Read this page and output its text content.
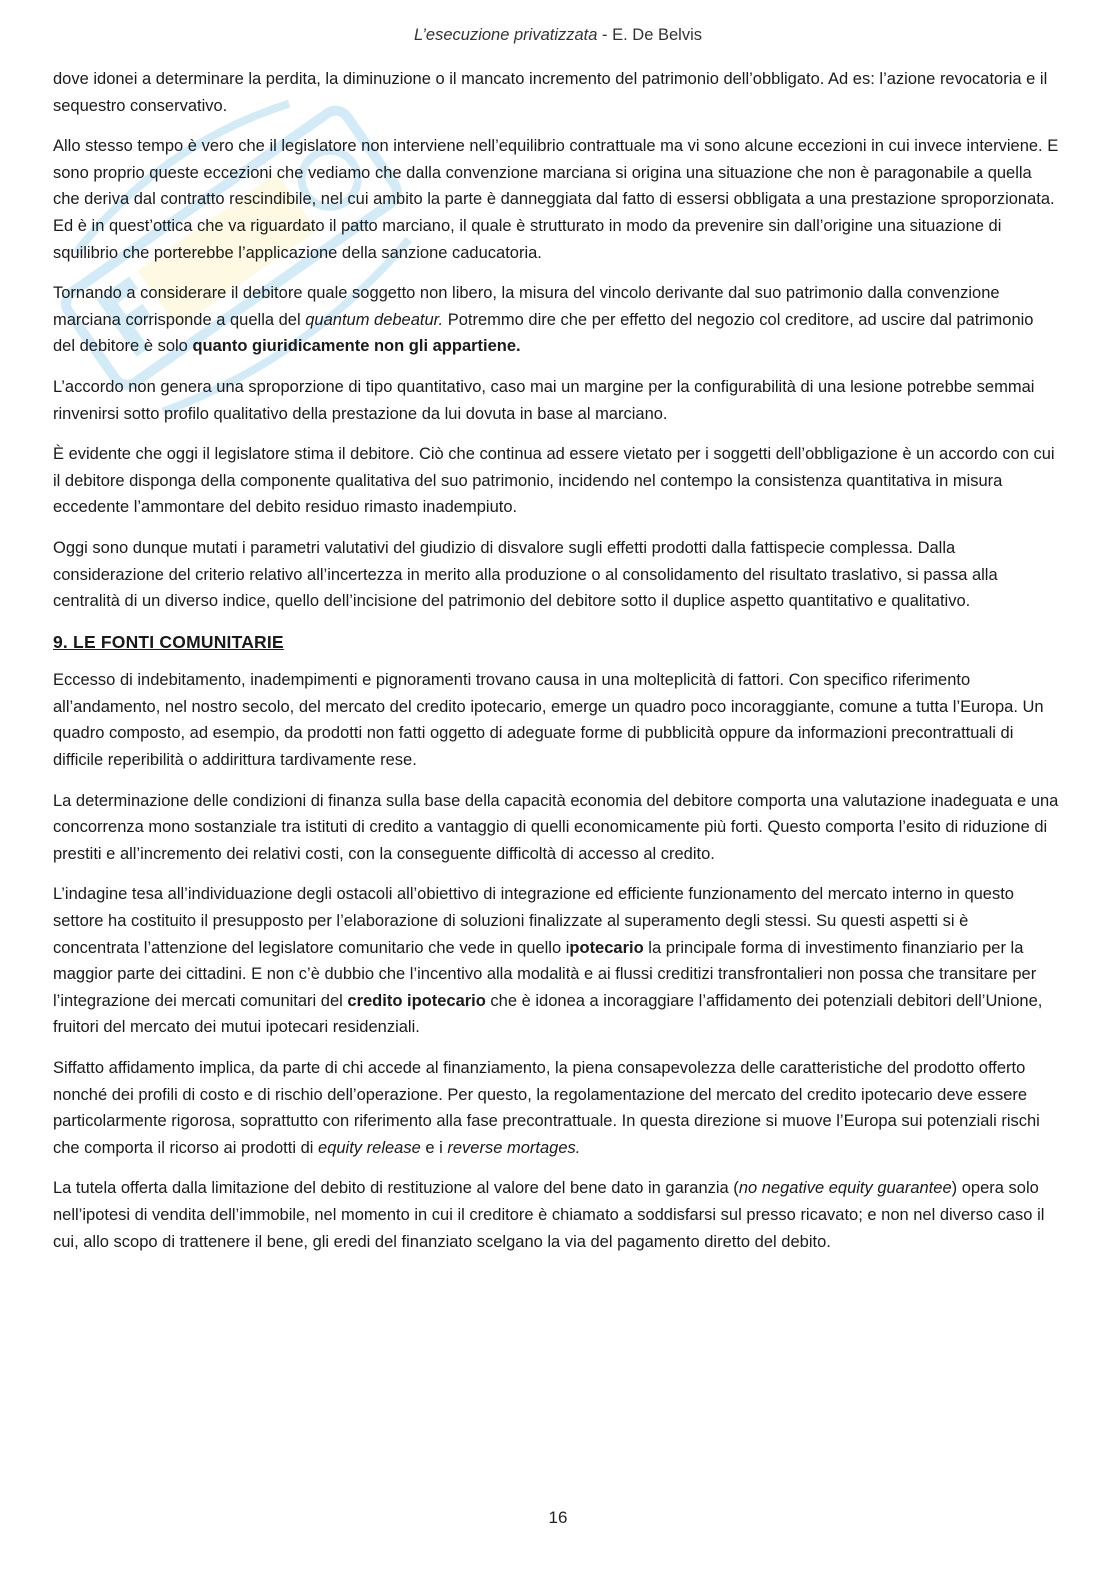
L’esecuzione privatizzata - E. De Belvis

dove idonei a determinare la perdita, la diminuzione o il mancato incremento del patrimonio dell’obbligato. Ad es: l’azione revocatoria e il sequestro conservativo.

Allo stesso tempo è vero che il legislatore non interviene nell’equilibrio contrattuale ma vi sono alcune eccezioni in cui invece interviene. E sono proprio queste eccezioni che vediamo che dalla convenzione marciana si origina una situazione che non è paragonabile a quella che deriva dal contratto rescindibile, nel cui ambito la parte è danneggiata dal fatto di essersi obbligata a una prestazione sproporzionata. Ed è in quest’ottica che va riguardato il patto marciano, il quale è strutturato in modo da prevenire sin dall’origine una situazione di squilibrio che porterebbe l’applicazione della sanzione caducatoria.

Tornando a considerare il debitore quale soggetto non libero, la misura del vincolo derivante dal suo patrimonio dalla convenzione marciana corrisponde a quella del quantum debeatur. Potremmo dire che per effetto del negozio col creditore, ad uscire dal patrimonio del debitore è solo quanto giuridicamente non gli appartiene.

L’accordo non genera una sproporzione di tipo quantitativo, caso mai un margine per la configurabilità di una lesione potrebbe semmai rinvenirsi sotto profilo qualitativo della prestazione da lui dovuta in base al marciano.

È evidente che oggi il legislatore stima il debitore. Ciò che continua ad essere vietato per i soggetti dell’obbligazione è un accordo con cui il debitore disponga della componente qualitativa del suo patrimonio, incidendo nel contempo la consistenza quantitativa in misura eccedente l’ammontare del debito residuo rimasto inadempiuto.

Oggi sono dunque mutati i parametri valutativi del giudizio di disvalore sugli effetti prodotti dalla fattispecie complessa. Dalla considerazione del criterio relativo all’incertezza in merito alla produzione o al consolidamento del risultato traslativo, si passa alla centralità di un diverso indice, quello dell’incisione del patrimonio del debitore sotto il duplice aspetto quantitativo e qualitativo.

9. LE FONTI COMUNITARIE

Eccesso di indebitamento, inadempimenti e pignoramenti trovano causa in una molteplicità di fattori. Con specifico riferimento all’andamento, nel nostro secolo, del mercato del credito ipotecario, emerge un quadro poco incoraggiante, comune a tutta l’Europa. Un quadro composto, ad esempio, da prodotti non fatti oggetto di adeguate forme di pubblicità oppure da informazioni precontrattuali di difficile reperibilità o addirittura tardivamente rese.

La determinazione delle condizioni di finanza sulla base della capacità economia del debitore comporta una valutazione inadeguata e una concorrenza mono sostanziale tra istituti di credito a vantaggio di quelli economicamente più forti. Questo comporta l’esito di riduzione di prestiti e all’incremento dei relativi costi, con la conseguente difficoltà di accesso al credito.

L’indagine tesa all’individuazione degli ostacoli all’obiettivo di integrazione ed efficiente funzionamento del mercato interno in questo settore ha costituito il presupposto per l’elaborazione di soluzioni finalizzate al superamento degli stessi. Su questi aspetti si è concentrata l’attenzione del legislatore comunitario che vede in quello ipotecario la principale forma di investimento finanziario per la maggior parte dei cittadini. E non c’è dubbio che l’incentivo alla modalità e ai flussi creditizi transfrontalieri non possa che transitare per l’integrazione dei mercati comunitari del credito ipotecario che è idonea a incoraggiare l’affidamento dei potenziali debitori dell’Unione, fruitori del mercato dei mutui ipotecari residenziali.

Siffatto affidamento implica, da parte di chi accede al finanziamento, la piena consapevolezza delle caratteristiche del prodotto offerto nonché dei profili di costo e di rischio dell’operazione. Per questo, la regolamentazione del mercato del credito ipotecario deve essere particolarmente rigorosa, soprattutto con riferimento alla fase precontrattuale. In questa direzione si muove l’Europa sui potenziali rischi che comporta il ricorso ai prodotti di equity release e i reverse mortages.

La tutela offerta dalla limitazione del debito di restituzione al valore del bene dato in garanzia (no negative equity guarantee) opera solo nell’ipotesi di vendita dell’immobile, nel momento in cui il creditore è chiamato a soddisfarsi sul presso ricavato; e non nel diverso caso il cui, allo scopo di trattenere il bene, gli eredi del finanziato scelgano la via del pagamento diretto del debito.

16
